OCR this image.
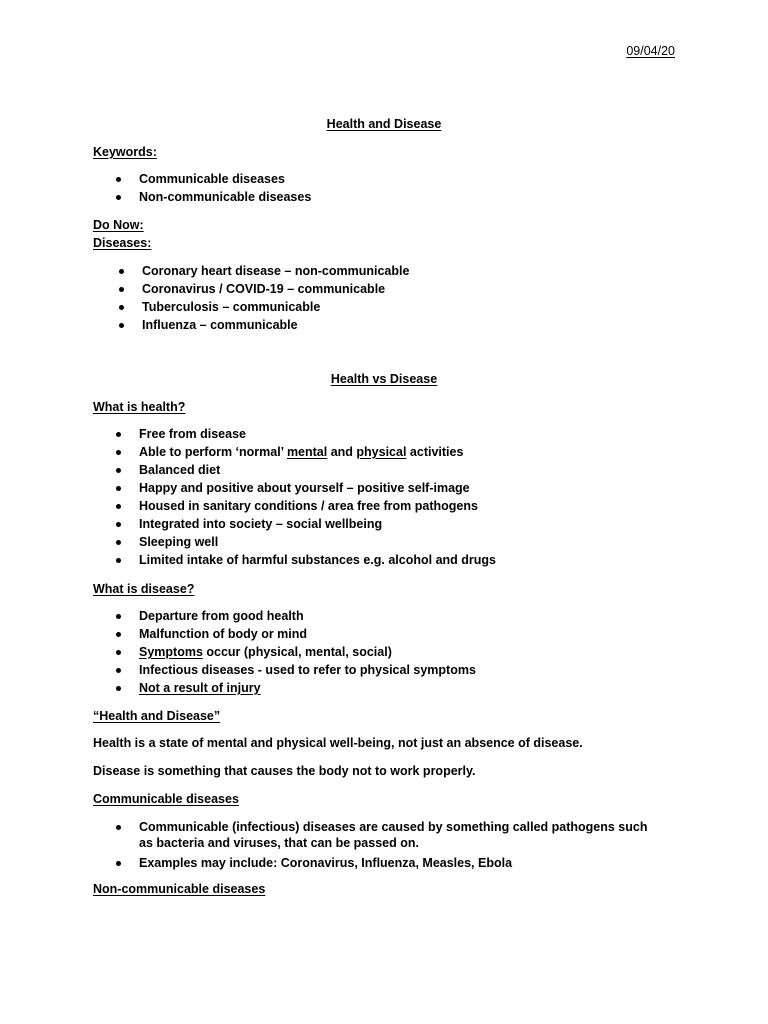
09/04/20
Health and Disease
Keywords:
Communicable diseases
Non-communicable diseases
Do Now:
Diseases:
Coronary heart disease – non-communicable
Coronavirus / COVID-19 – communicable
Tuberculosis – communicable
Influenza – communicable
Health vs Disease
What is health?
Free from disease
Able to perform ‘normal’ mental and physical activities
Balanced diet
Happy and positive about yourself – positive self-image
Housed in sanitary conditions / area free from pathogens
Integrated into society – social wellbeing
Sleeping well
Limited intake of harmful substances e.g. alcohol and drugs
What is disease?
Departure from good health
Malfunction of body or mind
Symptoms occur (physical, mental, social)
Infectious diseases - used to refer to physical symptoms
Not a result of injury
“Health and Disease”

Health is a state of mental and physical well-being, not just an absence of disease.

Disease is something that causes the body not to work properly.

Communicable diseases
Communicable (infectious) diseases are caused by something called pathogens such as bacteria and viruses, that can be passed on.
Examples may include: Coronavirus, Influenza, Measles, Ebola
Non-communicable diseases
